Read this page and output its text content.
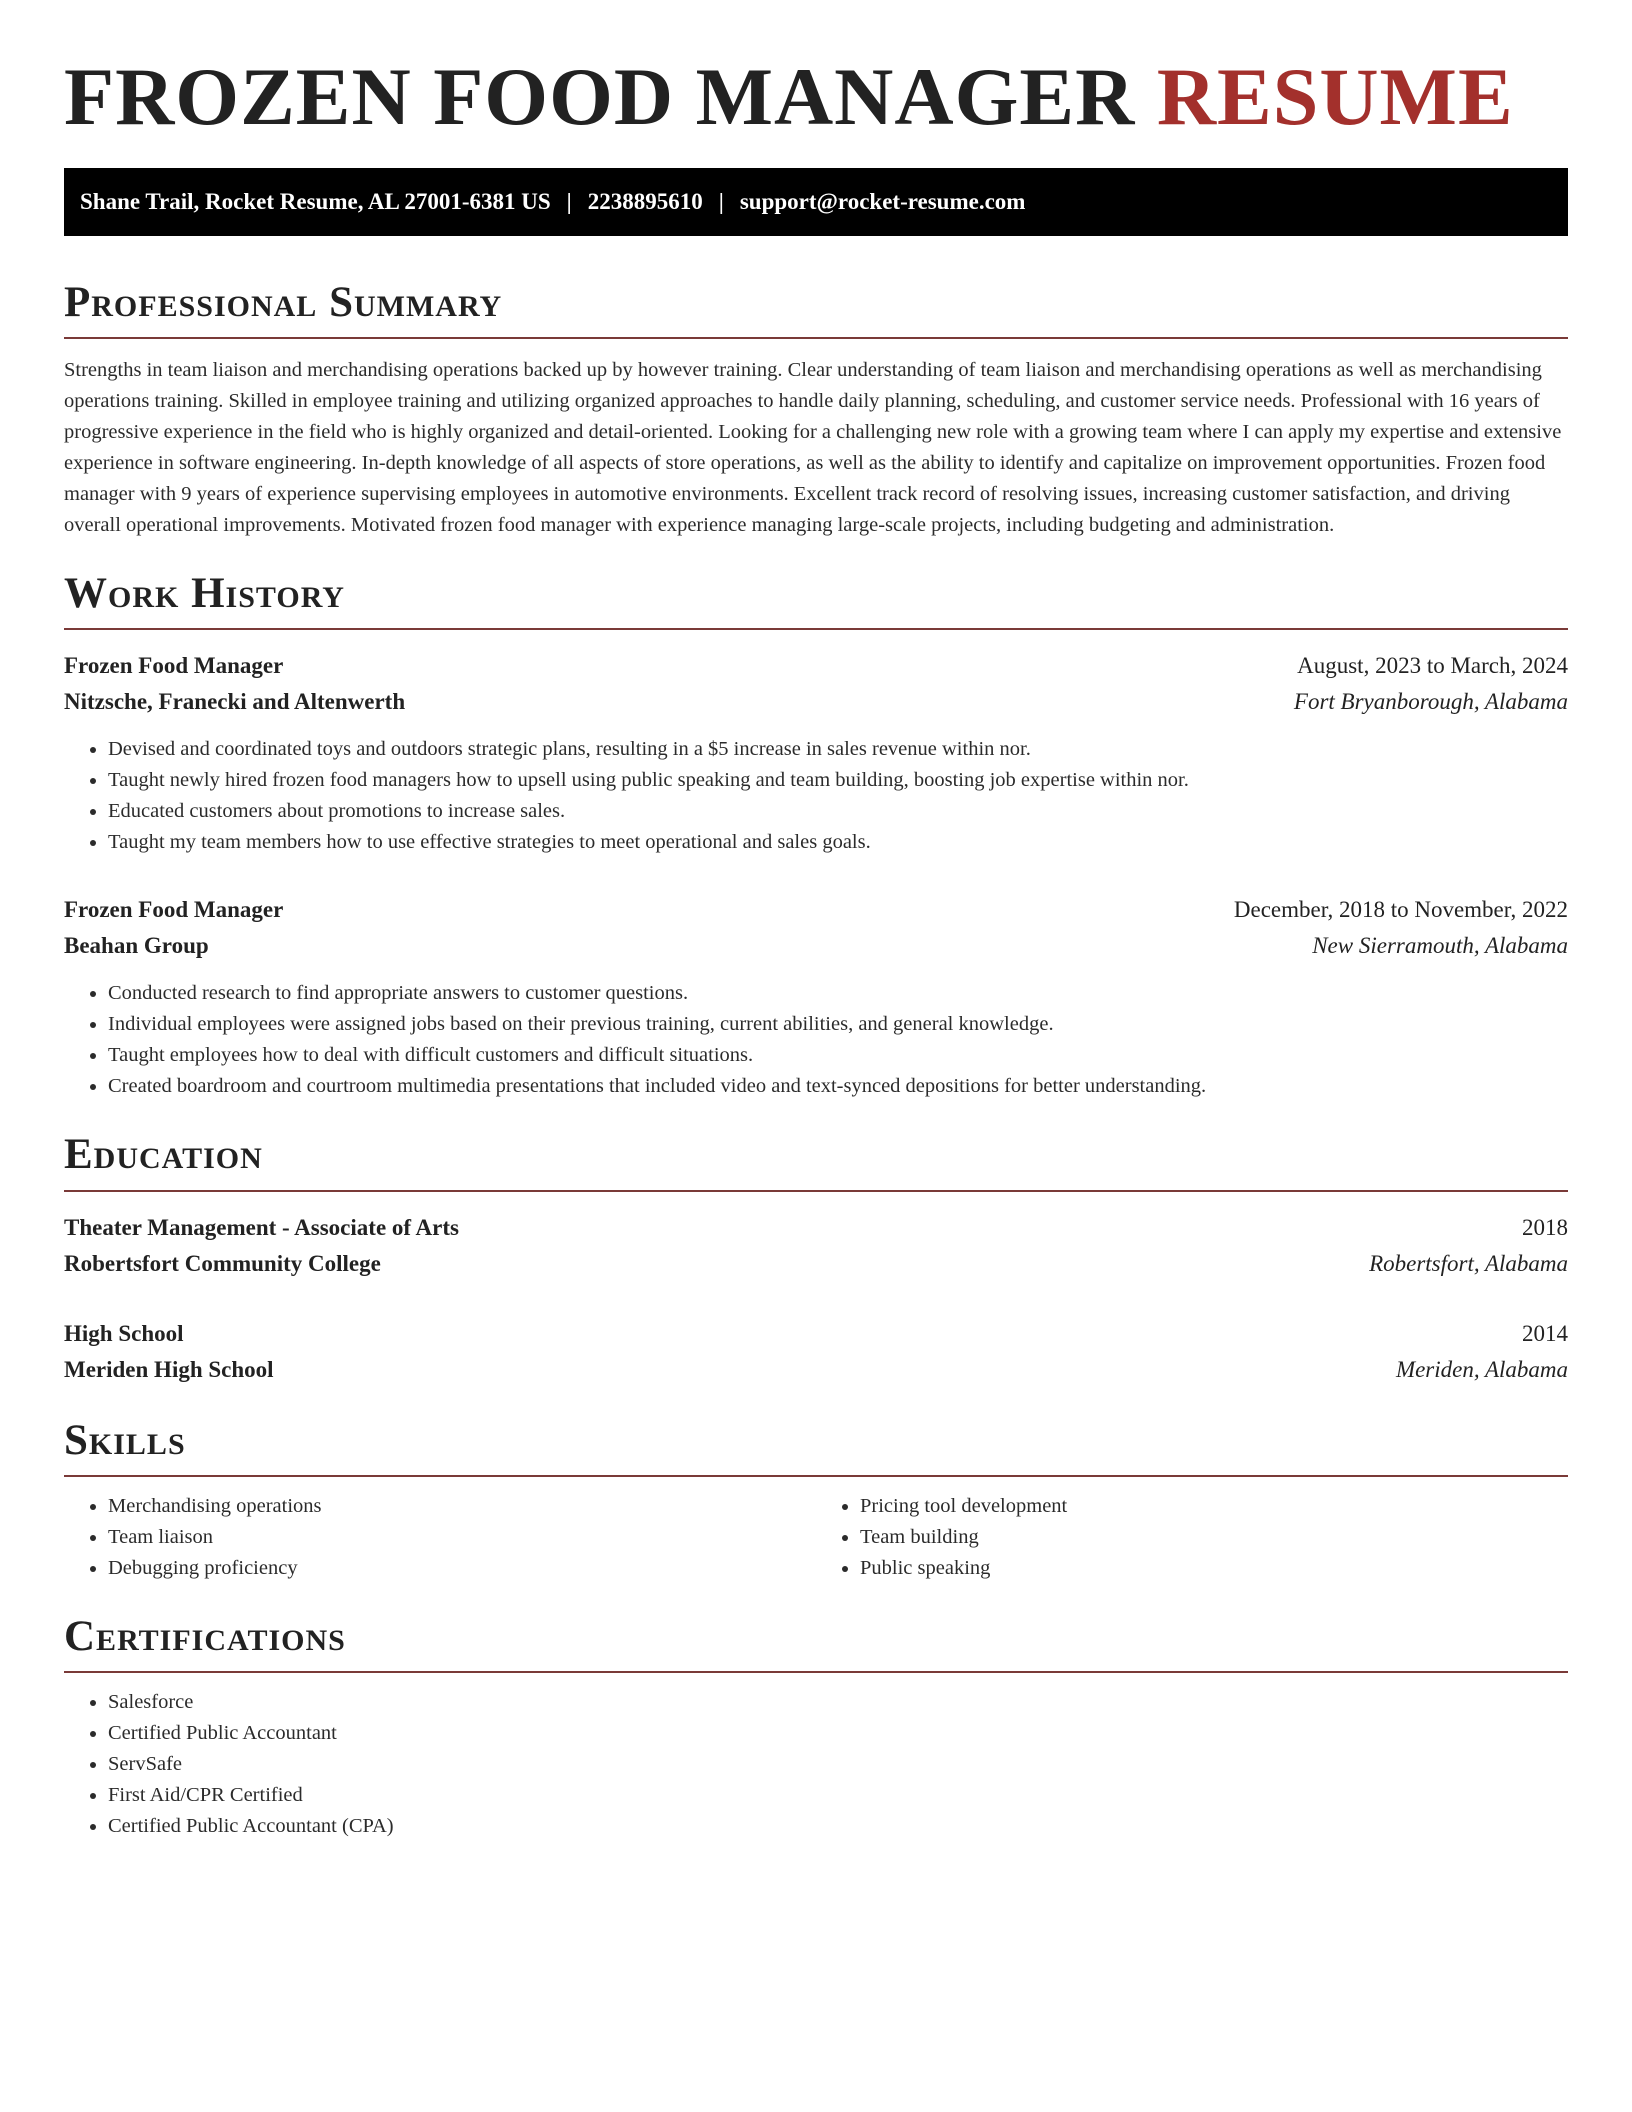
FROZEN FOOD MANAGER RESUME
Shane Trail, Rocket Resume, AL 27001-6381 US | 2238895610 | support@rocket-resume.com
Professional Summary

Strengths in team liaison and merchandising operations backed up by however training. Clear understanding of team liaison and merchandising operations as well as merchandising operations training. Skilled in employee training and utilizing organized approaches to handle daily planning, scheduling, and customer service needs. Professional with 16 years of progressive experience in the field who is highly organized and detail-oriented. Looking for a challenging new role with a growing team where I can apply my expertise and extensive experience in software engineering. In-depth knowledge of all aspects of store operations, as well as the ability to identify and capitalize on improvement opportunities. Frozen food manager with 9 years of experience supervising employees in automotive environments. Excellent track record of resolving issues, increasing customer satisfaction, and driving overall operational improvements. Motivated frozen food manager with experience managing large-scale projects, including budgeting and administration.

Work History
Frozen Food Manager	August, 2023 to March, 2024
Nitzsche, Franecki and Altenwerth	Fort Bryanborough, Alabama
• Devised and coordinated toys and outdoors strategic plans, resulting in a $5 increase in sales revenue within nor.
• Taught newly hired frozen food managers how to upsell using public speaking and team building, boosting job expertise within nor.
• Educated customers about promotions to increase sales.
• Taught my team members how to use effective strategies to meet operational and sales goals.
Frozen Food Manager	December, 2018 to November, 2022
Beahan Group	New Sierramouth, Alabama
• Conducted research to find appropriate answers to customer questions.
• Individual employees were assigned jobs based on their previous training, current abilities, and general knowledge.
• Taught employees how to deal with difficult customers and difficult situations.
• Created boardroom and courtroom multimedia presentations that included video and text-synced depositions for better understanding.
Education
Theater Management - Associate of Arts	2018
Robertsfort Community College	Robertsfort, Alabama
High School	2014
Meriden High School	Meriden, Alabama
Skills
• Merchandising operations
• Team liaison
• Debugging proficiency
• Pricing tool development
• Team building
• Public speaking
Certifications
• Salesforce
• Certified Public Accountant
• ServSafe
• First Aid/CPR Certified
• Certified Public Accountant (CPA)
